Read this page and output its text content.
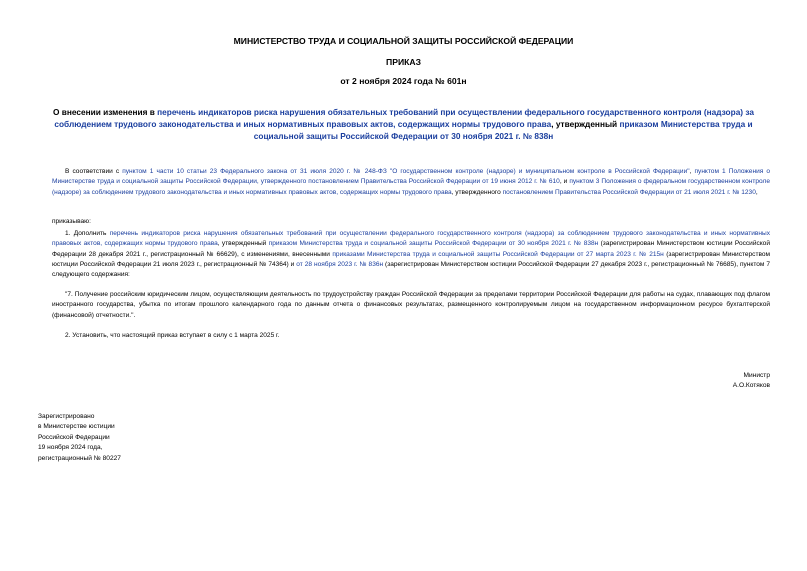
МИНИСТЕРСТВО ТРУДА И СОЦИАЛЬНОЙ ЗАЩИТЫ РОССИЙСКОЙ ФЕДЕРАЦИИ
ПРИКАЗ
от 2 ноября 2024 года № 601н
О внесении изменения в перечень индикаторов риска нарушения обязательных требований при осуществлении федерального государственного контроля (надзора) за соблюдением трудового законодательства и иных нормативных правовых актов, содержащих нормы трудового права, утвержденный приказом Министерства труда и социальной защиты Российской Федерации от 30 ноября 2021 г. № 838н
В соответствии с пунктом 1 части 10 статьи 23 Федерального закона от 31 июля 2020 г. № 248-ФЗ "О государственном контроле (надзоре) и муниципальном контроле в Российской Федерации", пунктом 1 Положения о Министерстве труда и социальной защиты Российской Федерации, утвержденного постановлением Правительства Российской Федерации от 19 июня 2012 г. № 610, и пунктом 3 Положения о федеральном государственном контроле (надзоре) за соблюдением трудового законодательства и иных нормативных правовых актов, содержащих нормы трудового права, утвержденного постановлением Правительства Российской Федерации от 21 июля 2021 г. № 1230,
приказываю:
1. Дополнить перечень индикаторов риска нарушения обязательных требований при осуществлении федерального государственного контроля (надзора) за соблюдением трудового законодательства и иных нормативных правовых актов, содержащих нормы трудового права, утвержденный приказом Министерства труда и социальной защиты Российской Федерации от 30 ноября 2021 г. № 838н (зарегистрирован Министерством юстиции Российской Федерации 28 декабря 2021 г., регистрационный № 66629), с изменениями, внесенными приказами Министерства труда и социальной защиты Российской Федерации от 27 марта 2023 г. № 215н (зарегистрирован Министерством юстиции Российской Федерации 21 июля 2023 г., регистрационный № 74364) и от 28 ноября 2023 г. № 836н (зарегистрирован Министерством юстиции Российской Федерации 27 декабря 2023 г., регистрационный № 76685), пунктом 7 следующего содержания:
"7. Получение российским юридическим лицом, осуществляющим деятельность по трудоустройству граждан Российской Федерации за пределами территории Российской Федерации для работы на судах, плавающих под флагом иностранного государства, убытка по итогам прошлого календарного года по данным отчета о финансовых результатах, размещенного контролируемым лицом на государственном информационном ресурсе бухгалтерской (финансовой) отчетности.".
2. Установить, что настоящий приказ вступает в силу с 1 марта 2025 г.
Министр
А.О.Котяков
Зарегистрировано
в Министерстве юстиции
Российской Федерации
19 ноября 2024 года,
регистрационный № 80227
